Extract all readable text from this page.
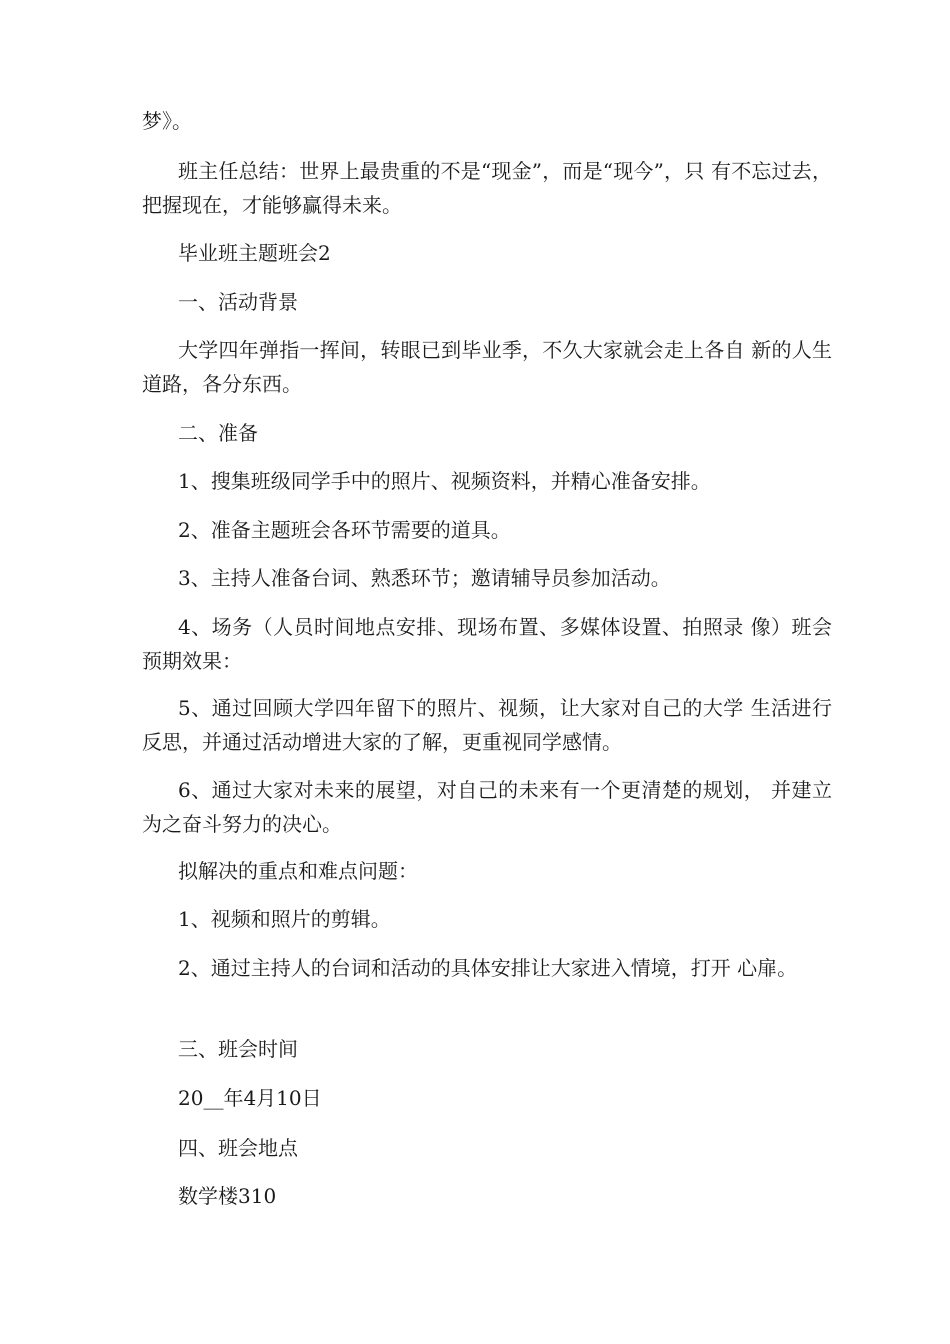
梦》。

班主任总结：世界上最贵重的不是“现金”，而是“现今”，只 有不忘过去，把握现在，才能够赢得未来。

毕业班主题班会2

一、活动背景

大学四年弹指一挥间，转眼已到毕业季，不久大家就会走上各自 新的人生道路，各分东西。

二、准备

1、搜集班级同学手中的照片、视频资料，并精心准备安排。

2、准备主题班会各环节需要的道具。

3、主持人准备台词、熟悉环节；邀请辅导员参加活动。

4、场务（人员时间地点安排、现场布置、多媒体设置、拍照录 像）班会预期效果：

5、通过回顾大学四年留下的照片、视频，让大家对自己的大学 生活进行反思，并通过活动增进大家的了解，更重视同学感情。

6、通过大家对未来的展望，对自己的未来有一个更清楚的规划， 并建立为之奋斗努力的决心。

拟解决的重点和难点问题：

1、视频和照片的剪辑。

2、通过主持人的台词和活动的具体安排让大家进入情境，打开 心扉。

三、班会时间

20__年4月10日

四、班会地点

数学楼310
